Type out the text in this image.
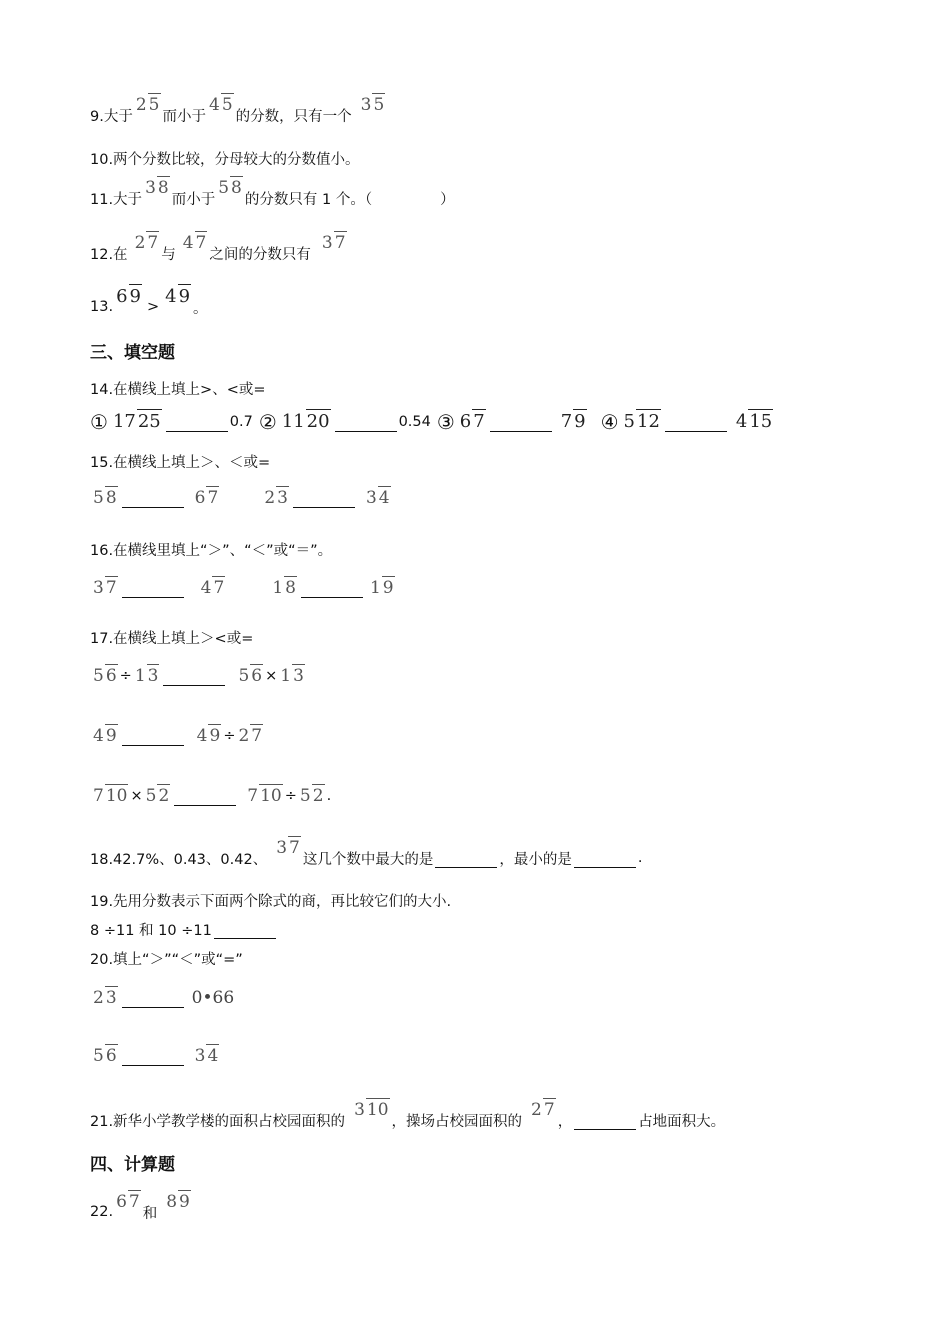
9.大于
2 5
而小于
4 5
的分数，只有一个
3 5
10.两个分数比较，分母较大的分数值小。
11.大于
3 8
而小于
5 8
的分数只有 1 个。（	）
12.在
2 7
与
4 7
之间的分数只有
3 7
13. 6 9 > 4 9
。
三、填空题
14.在横线上填上>、<或=
① 17 25	0.7 ② 11 20	0.54 ③ 6 7	7 9 ④ 5 12	4 15
15.在横线上填上＞、＜或=
5 8	6 7	2 3	3 4
16.在横线里填上“＞”、“＜”或“＝”。
3 7	4 7	1 8	1 9
17.在横线上填上＞<或=
5 6 ÷ 1 3	5 6 × 1 3
4 9	4 9 ÷ 2 7
7 10 × 5 2	7 10 ÷ 5 2 .
18.42.7%、0.43、0.42、
3 7
这几个数中最大的是	，最小的是	.
19.先用分数表示下面两个除式的商，再比较它们的大小.
8 ÷11 和 10 ÷11
20.填上“＞”“＜”或“=”
2 3	0 • 66
5 6	3 4
21.新华小学教学楼的面积占校园面积的
3 10
，操场占校园面积的
2 7
，	占地面积大。
四、计算题
22.
6 7
和
8 9
